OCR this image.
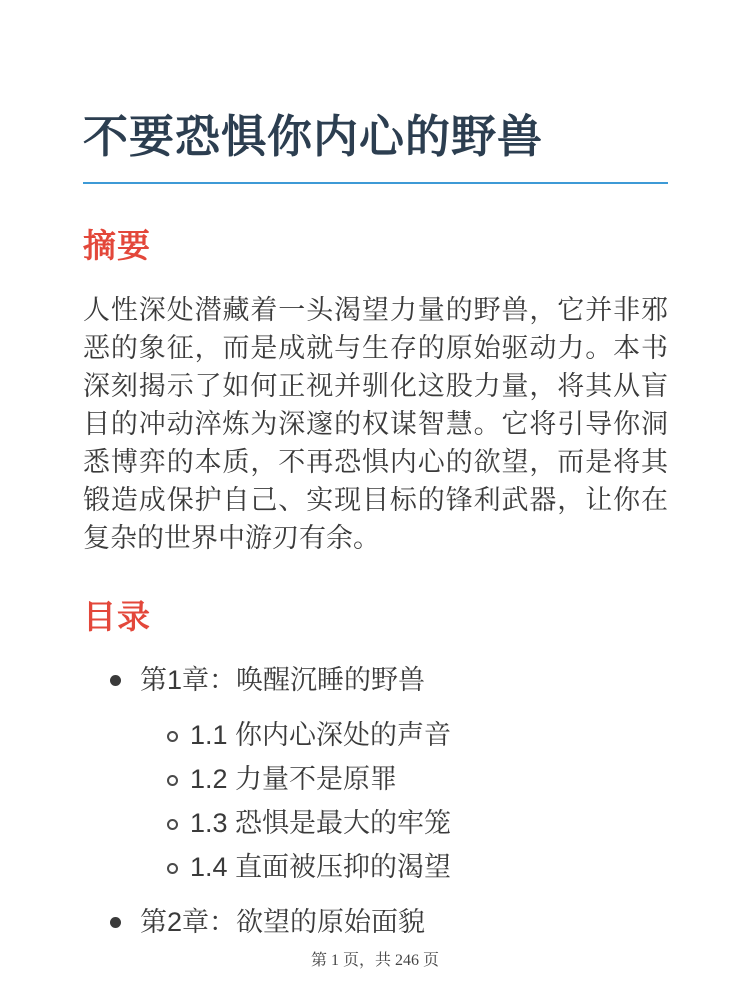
不要恐惧你内心的野兽
摘要

人性深处潜藏着一头渴望力量的野兽，它并非邪恶的象征，而是成就与生存的原始驱动力。本书深刻揭示了如何正视并驯化这股力量，将其从盲目的冲动淬炼为深邃的权谋智慧。它将引导你洞悉博弈的本质，不再恐惧内心的欲望，而是将其锻造成保护自己、实现目标的锋利武器，让你在复杂的世界中游刃有余。

目录
第1章：唤醒沉睡的野兽
1.1 你内心深处的声音
1.2 力量不是原罪
1.3 恐惧是最大的牢笼
1.4 直面被压抑的渴望
第2章：欲望的原始面貌
第 1 页，共 246 页
